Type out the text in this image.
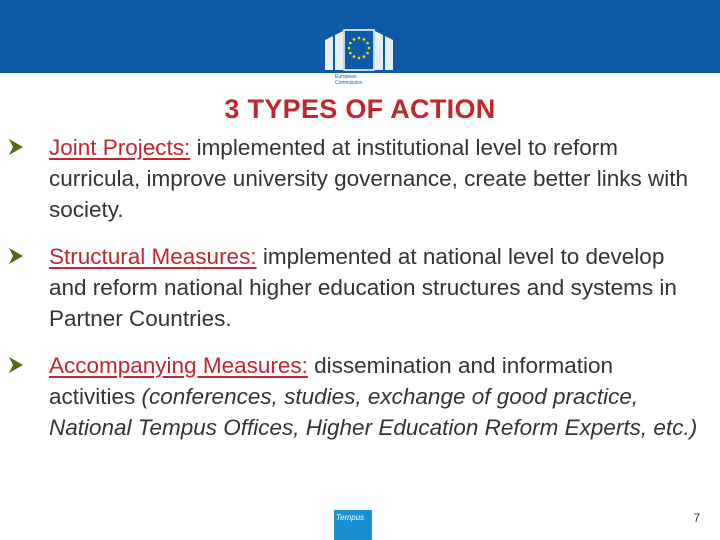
European
Commission
3 TYPES OF ACTION
Joint Projects: implemented at institutional level to reform curricula, improve university governance, create better links with society.
Structural Measures: implemented at national level to develop and reform national higher education structures and systems in Partner Countries.
Accompanying Measures: dissemination and information activities (conferences, studies, exchange of good practice, National Tempus Offices, Higher Education Reform Experts, etc.)
Tempus	7
